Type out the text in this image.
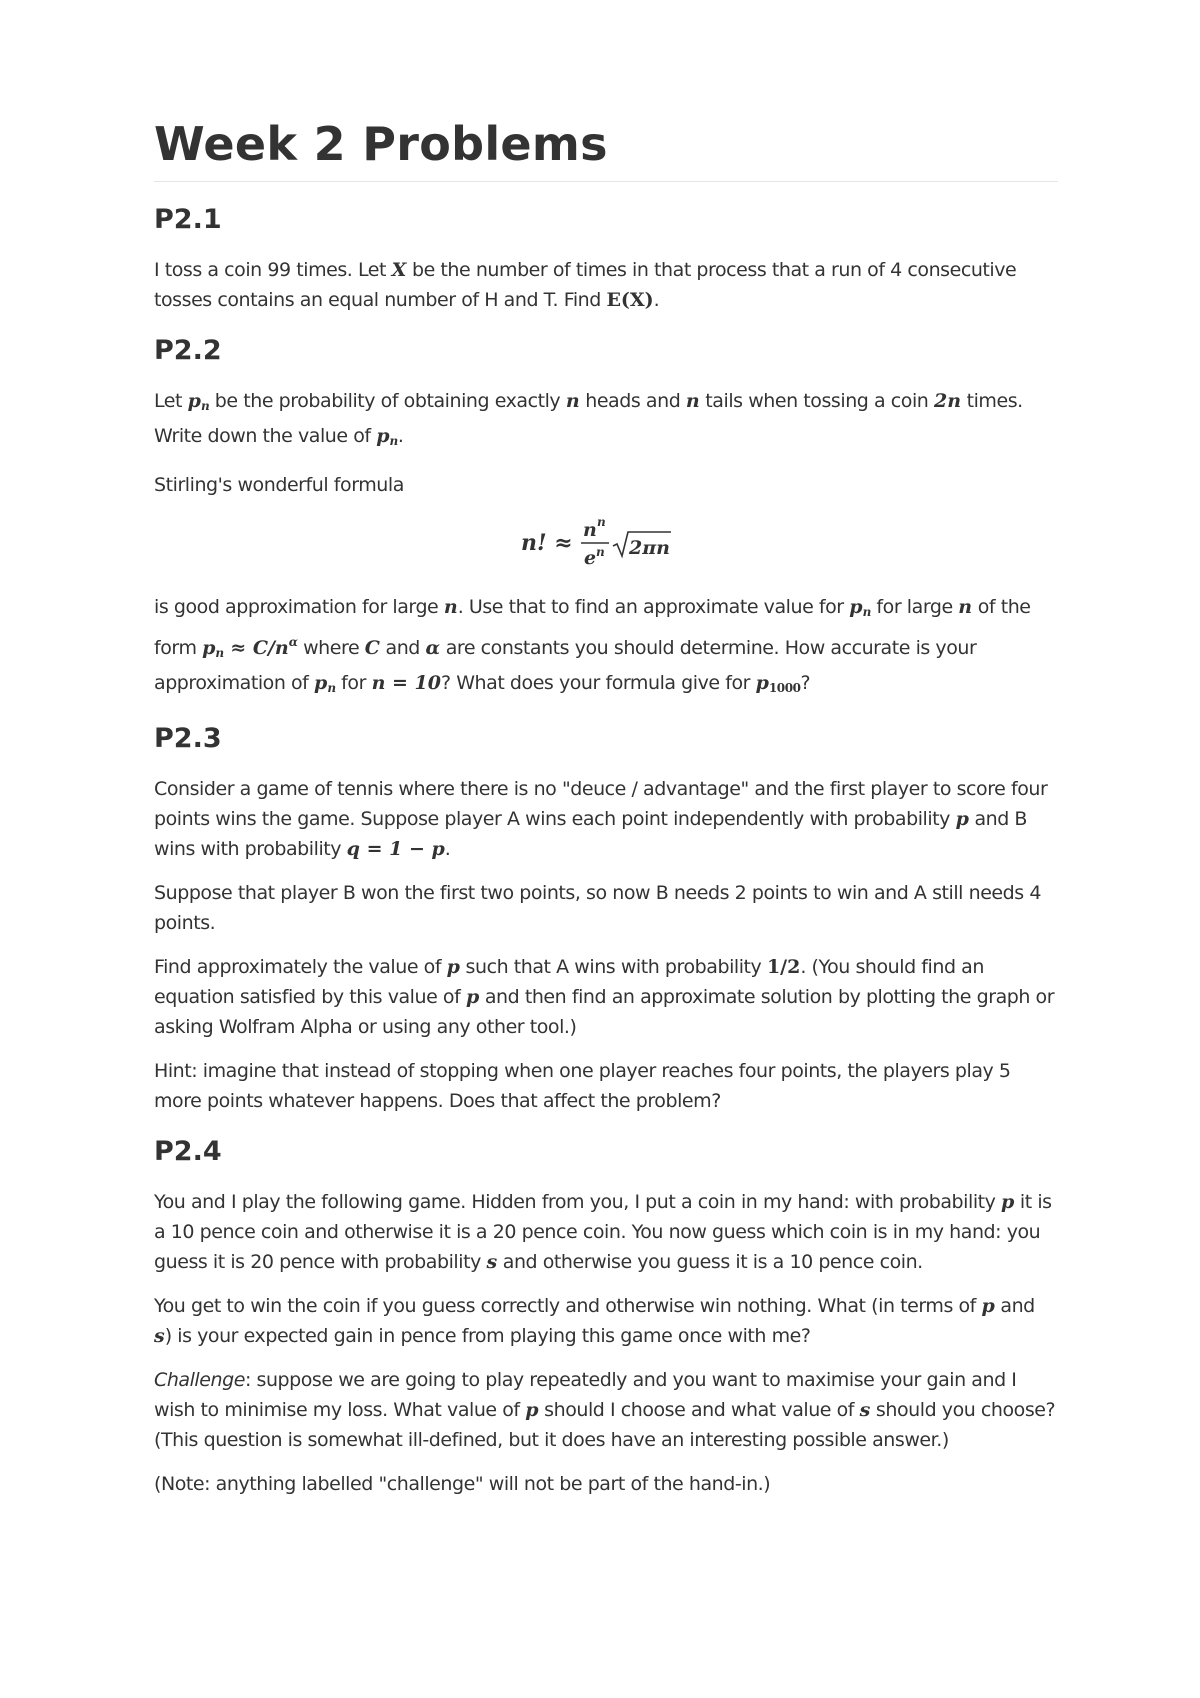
Week 2 Problems
P2.1

I toss a coin 99 times. Let X be the number of times in that process that a run of 4 consecutive tosses contains an equal number of H and T. Find E(X).

P2.2

Let $p_n$ be the probability of obtaining exactly n heads and n tails when tossing a coin 2n times. Write down the value of $p_n$.

Stirling's wonderful formula

n! ≈ n n
e n 2πn

is good approximation for large n. Use that to find an approximate value for $p_n$ for large n of the form $p_n \approx C/n^\alpha$ where C and α are constants you should determine. How accurate is your approximation of $p_n$ for n = 10? What does your formula give for $p_{1000}$?

P2.3

Consider a game of tennis where there is no "deuce / advantage" and the first player to score four points wins the game. Suppose player A wins each point independently with probability p and B wins with probability q = 1 − p.

Suppose that player B won the first two points, so now B needs 2 points to win and A still needs 4 points.

Find approximately the value of p such that A wins with probability 1/2. (You should find an equation satisfied by this value of p and then find an approximate solution by plotting the graph or asking Wolfram Alpha or using any other tool.)

Hint: imagine that instead of stopping when one player reaches four points, the players play 5 more points whatever happens. Does that affect the problem?

P2.4

You and I play the following game. Hidden from you, I put a coin in my hand: with probability p it is a 10 pence coin and otherwise it is a 20 pence coin. You now guess which coin is in my hand: you guess it is 20 pence with probability s and otherwise you guess it is a 10 pence coin.

You get to win the coin if you guess correctly and otherwise win nothing. What (in terms of p and s) is your expected gain in pence from playing this game once with me?

Challenge: suppose we are going to play repeatedly and you want to maximise your gain and I wish to minimise my loss. What value of p should I choose and what value of s should you choose? (This question is somewhat ill-defined, but it does have an interesting possible answer.)

(Note: anything labelled "challenge" will not be part of the hand-in.)
